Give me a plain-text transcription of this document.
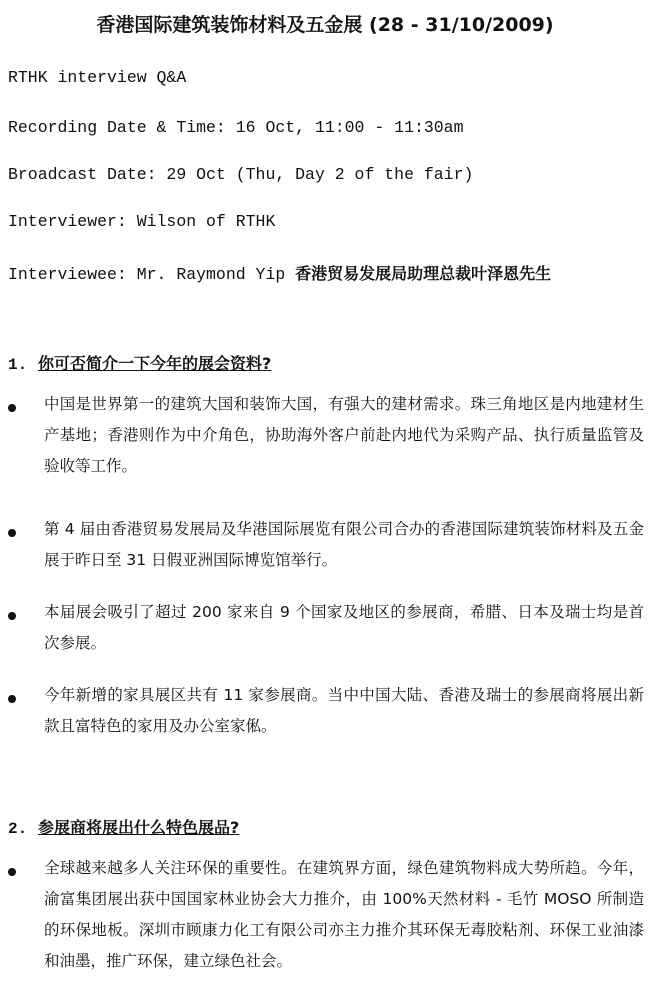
香港国际建筑装饰材料及五金展 (28 - 31/10/2009)
RTHK interview Q&A
Recording Date & Time: 16 Oct, 11:00 - 11:30am
Broadcast Date: 29 Oct (Thu, Day 2 of the fair)
Interviewer: Wilson of RTHK
Interviewee: Mr. Raymond Yip 香港贸易发展局助理总裁叶泽恩先生
1. 你可否简介一下今年的展会资料?
中国是世界第一的建筑大国和装饰大国，有强大的建材需求。珠三角地区是内地建材生产基地；香港则作为中介角色，协助海外客户前赴内地代为采购产品、执行质量监管及验收等工作。
第 4 届由香港贸易发展局及华港国际展览有限公司合办的香港国际建筑装饰材料及五金展于昨日至 31 日假亚洲国际博览馆举行。
本届展会吸引了超过 200 家来自 9 个国家及地区的参展商，希腊、日本及瑞士均是首次参展。
今年新增的家具展区共有 11 家参展商。当中中国大陆、香港及瑞士的参展商将展出新款且富特色的家用及办公室家俬。
2. 参展商将展出什么特色展品?
全球越来越多人关注环保的重要性。在建筑界方面，绿色建筑物料成大势所趋。今年，渝富集团展出获中国国家林业协会大力推介，由 100%天然材料 - 毛竹 MOSO 所制造的环保地板。深圳市顾康力化工有限公司亦主力推介其环保无毒胶粘剂、环保工业油漆和油墨，推广环保，建立绿色社会。
